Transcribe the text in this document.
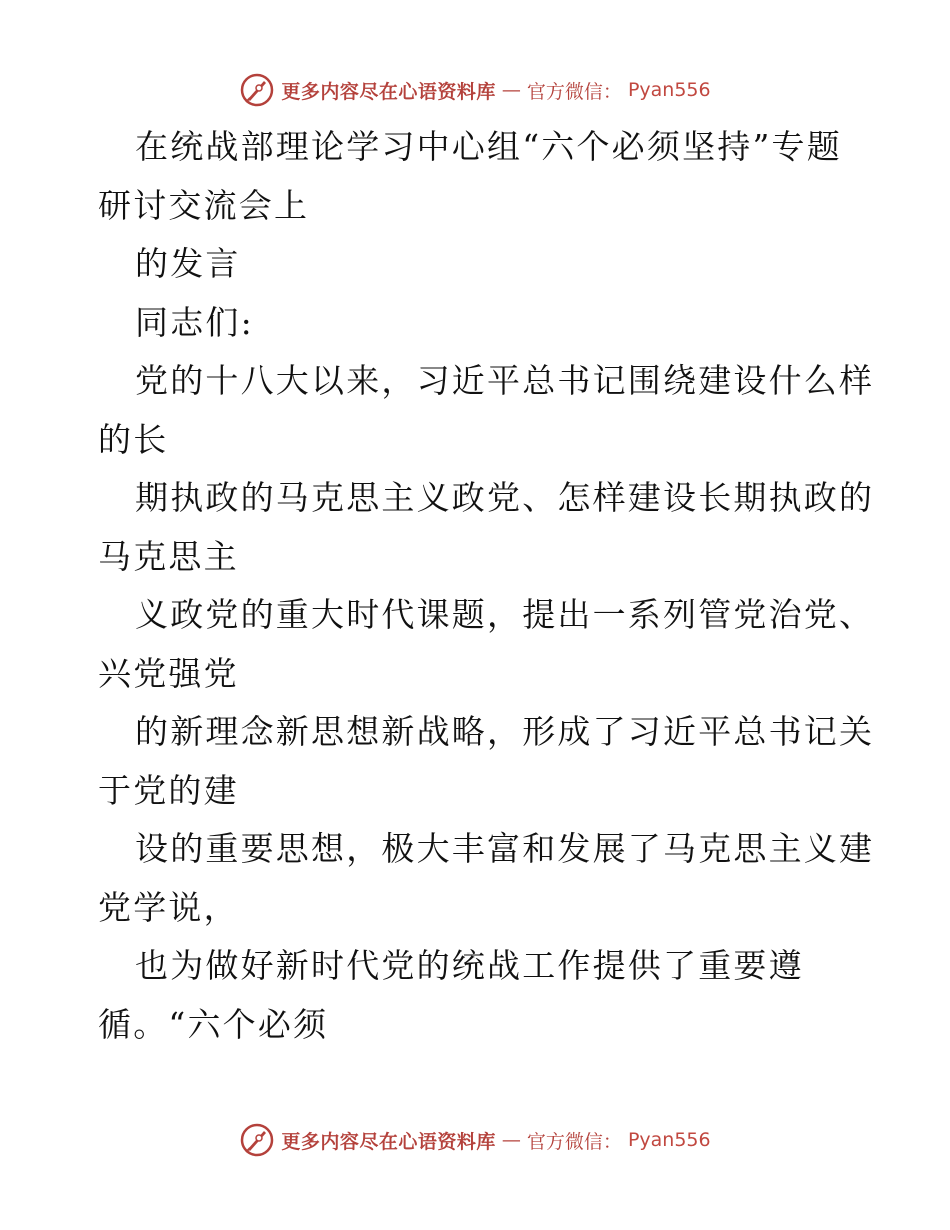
更多内容尽在心语资料库 — 官方微信： Pyan556
在统战部理论学习中心组“六个必须坚持”专题
研讨交流会上
的发言
同志们:
党的十八大以来，习近平总书记围绕建设什么样
的长
期执政的马克思主义政党、怎样建设长期执政的
马克思主
义政党的重大时代课题，提出一系列管党治党、
兴党强党
的新理念新思想新战略，形成了习近平总书记关
于党的建
设的重要思想，极大丰富和发展了马克思主义建
党学说，
也为做好新时代党的统战工作提供了重要遵
循。“六个必须
更多内容尽在心语资料库 — 官方微信： Pyan556
